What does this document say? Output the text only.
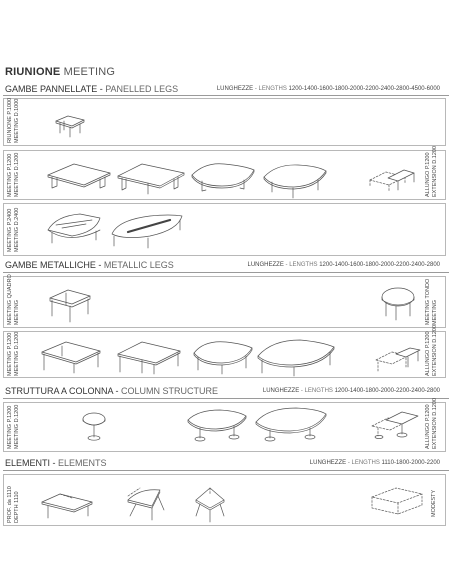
RIUNIONE MEETING
GAMBE PANNELLATE - PANELLED LEGS	LUNGHEZZE - LENGTHS 1200-1400-1600-1800-2000-2200-2400-2800-4500-6000
RIUNIONE P.1000 MEETING D.1000
MEETING P.1200 MEETING D.1200	ALLUNGO P.1200 EXTENSION D.1200
MEETING P.2400 MEETING D.2400
GAMBE METALLICHE - METALLIC LEGS	LUNGHEZZE - LENGTHS 1200-1400-1600-1800-2000-2200-2400-2800
MEETING QUADRO MEETING	MEETING TONDO MEETING
MEETING P.1200 MEETING D.1200	ALLUNGO P.1200 EXTENSION D.1200
STRUTTURA A COLONNA - COLUMN STRUCTURE	LUNGHEZZE - LENGTHS 1200-1400-1800-2000-2200-2400-2800
MEETING P.1200 MEETING D.1200	ALLUNGO P.1200 EXTENSION D.1200
ELEMENTI - ELEMENTS	LUNGHEZZE - LENGTHS 1110-1800-2000-2200
PROF. da 1110 DEPTH 1110	MODESTY
